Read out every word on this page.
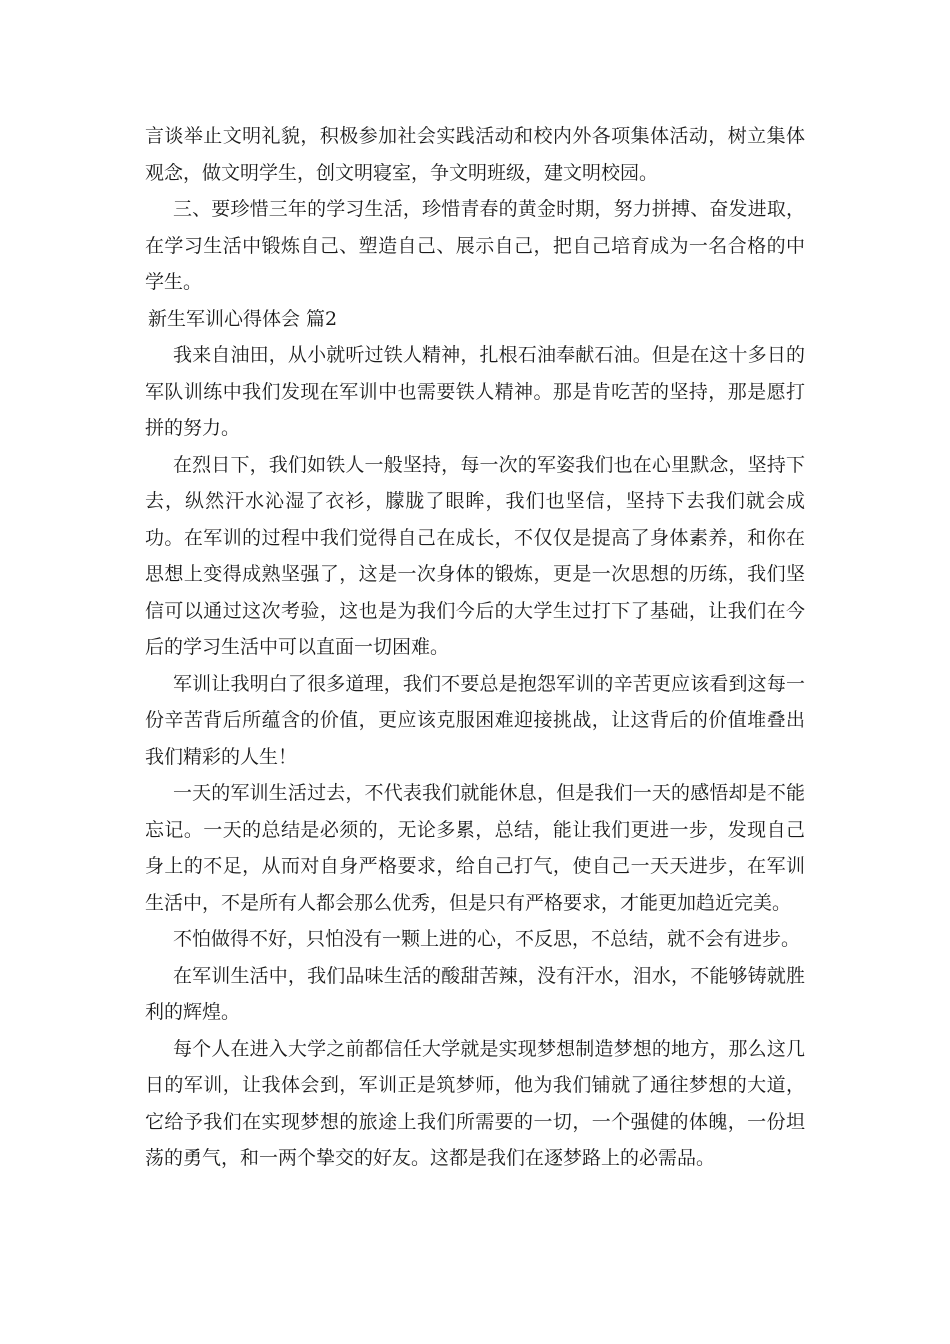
言谈举止文明礼貌，积极参加社会实践活动和校内外各项集体活动，树立集体观念，做文明学生，创文明寝室，争文明班级，建文明校园。

三、要珍惜三年的学习生活，珍惜青春的黄金时期，努力拼搏、奋发进取，在学习生活中锻炼自己、塑造自己、展示自己，把自己培育成为一名合格的中学生。

新生军训心得体会 篇2

我来自油田，从小就听过铁人精神，扎根石油奉献石油。但是在这十多日的军队训练中我们发现在军训中也需要铁人精神。那是肯吃苦的坚持，那是愿打拼的努力。

在烈日下，我们如铁人一般坚持，每一次的军姿我们也在心里默念，坚持下去，纵然汗水沁湿了衣衫，朦胧了眼眸，我们也坚信，坚持下去我们就会成功。在军训的过程中我们觉得自己在成长，不仅仅是提高了身体素养，和你在思想上变得成熟坚强了，这是一次身体的锻炼，更是一次思想的历练，我们坚信可以通过这次考验，这也是为我们今后的大学生过打下了基础，让我们在今后的学习生活中可以直面一切困难。

军训让我明白了很多道理，我们不要总是抱怨军训的辛苦更应该看到这每一份辛苦背后所蕴含的价值，更应该克服困难迎接挑战，让这背后的价值堆叠出我们精彩的人生！

一天的军训生活过去，不代表我们就能休息，但是我们一天的感悟却是不能忘记。一天的总结是必须的，无论多累，总结，能让我们更进一步，发现自己身上的不足，从而对自身严格要求，给自己打气，使自己一天天进步，在军训生活中，不是所有人都会那么优秀，但是只有严格要求，才能更加趋近完美。

不怕做得不好，只怕没有一颗上进的心，不反思，不总结，就不会有进步。

在军训生活中，我们品味生活的酸甜苦辣，没有汗水，泪水，不能够铸就胜利的辉煌。

每个人在进入大学之前都信任大学就是实现梦想制造梦想的地方，那么这几日的军训，让我体会到，军训正是筑梦师，他为我们铺就了通往梦想的大道，它给予我们在实现梦想的旅途上我们所需要的一切，一个强健的体魄，一份坦荡的勇气，和一两个挚交的好友。这都是我们在逐梦路上的必需品。
